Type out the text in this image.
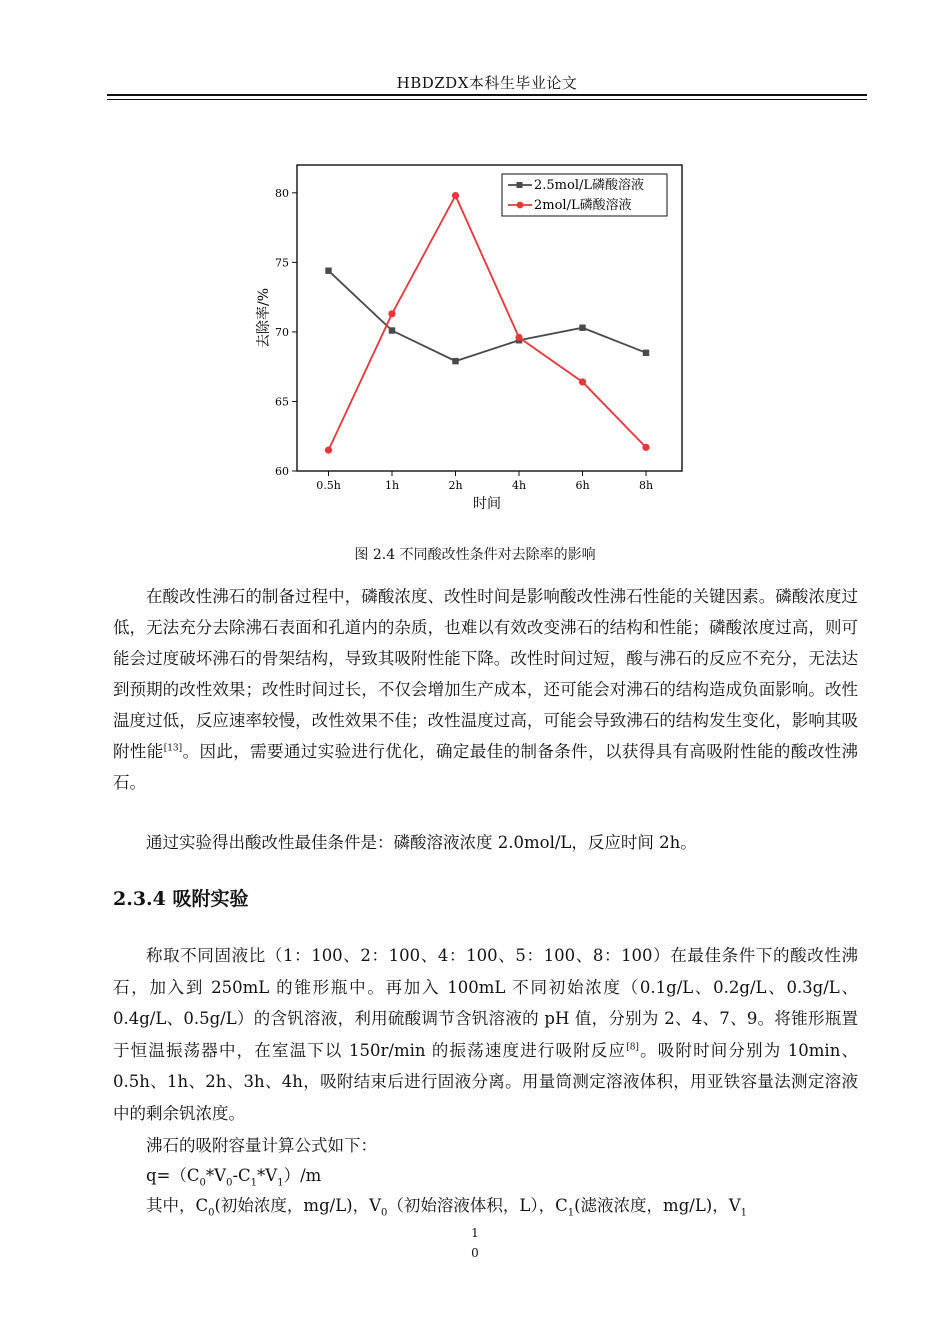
HBDZDX本科生毕业论文
60
65
70
75
80
0.5h	1h	2h	4h	6h	8h
去除率/%
时间
2.5mol/L磷酸溶液
2mol/L磷酸溶液
图 2.4 不同酸改性条件对去除率的影响
在酸改性沸石的制备过程中，磷酸浓度、改性时间是影响酸改性沸石性能的关键因素。磷酸浓度过低，无法充分去除沸石表面和孔道内的杂质，也难以有效改变沸石的结构和性能；磷酸浓度过高，则可能会过度破坏沸石的骨架结构，导致其吸附性能下降。改性时间过短，酸与沸石的反应不充分，无法达到预期的改性效果；改性时间过长，不仅会增加生产成本，还可能会对沸石的结构造成负面影响。改性温度过低，反应速率较慢，改性效果不佳；改性温度过高，可能会导致沸石的结构发生变化，影响其吸附性能[13]。因此，需要通过实验进行优化，确定最佳的制备条件，以获得具有高吸附性能的酸改性沸石。
通过实验得出酸改性最佳条件是：磷酸溶液浓度 2.0mol/L，反应时间 2h。
2.3.4 吸附实验
称取不同固液比（1：100、2：100、4：100、5：100、8：100）在最佳条件下的酸改性沸石，加入到 250mL 的锥形瓶中。再加入 100mL 不同初始浓度（0.1g/L、0.2g/L、0.3g/L、0.4g/L、0.5g/L）的含钒溶液，利用硫酸调节含钒溶液的 pH 值，分别为 2、4、7、9。将锥形瓶置于恒温振荡器中，在室温下以 150r/min 的振荡速度进行吸附反应[8]。吸附时间分别为 10min、0.5h、1h、2h、3h、4h，吸附结束后进行固液分离。用量筒测定溶液体积，用亚铁容量法测定溶液中的剩余钒浓度。
沸石的吸附容量计算公式如下：
$q=(C_0*V_0-C_1*V_1)/m$
其中，$C_0$(初始浓度，mg/L)，$V_0$（初始溶液体积，L），$C_1$(滤液浓度，mg/L)，$V_1$
1
0
